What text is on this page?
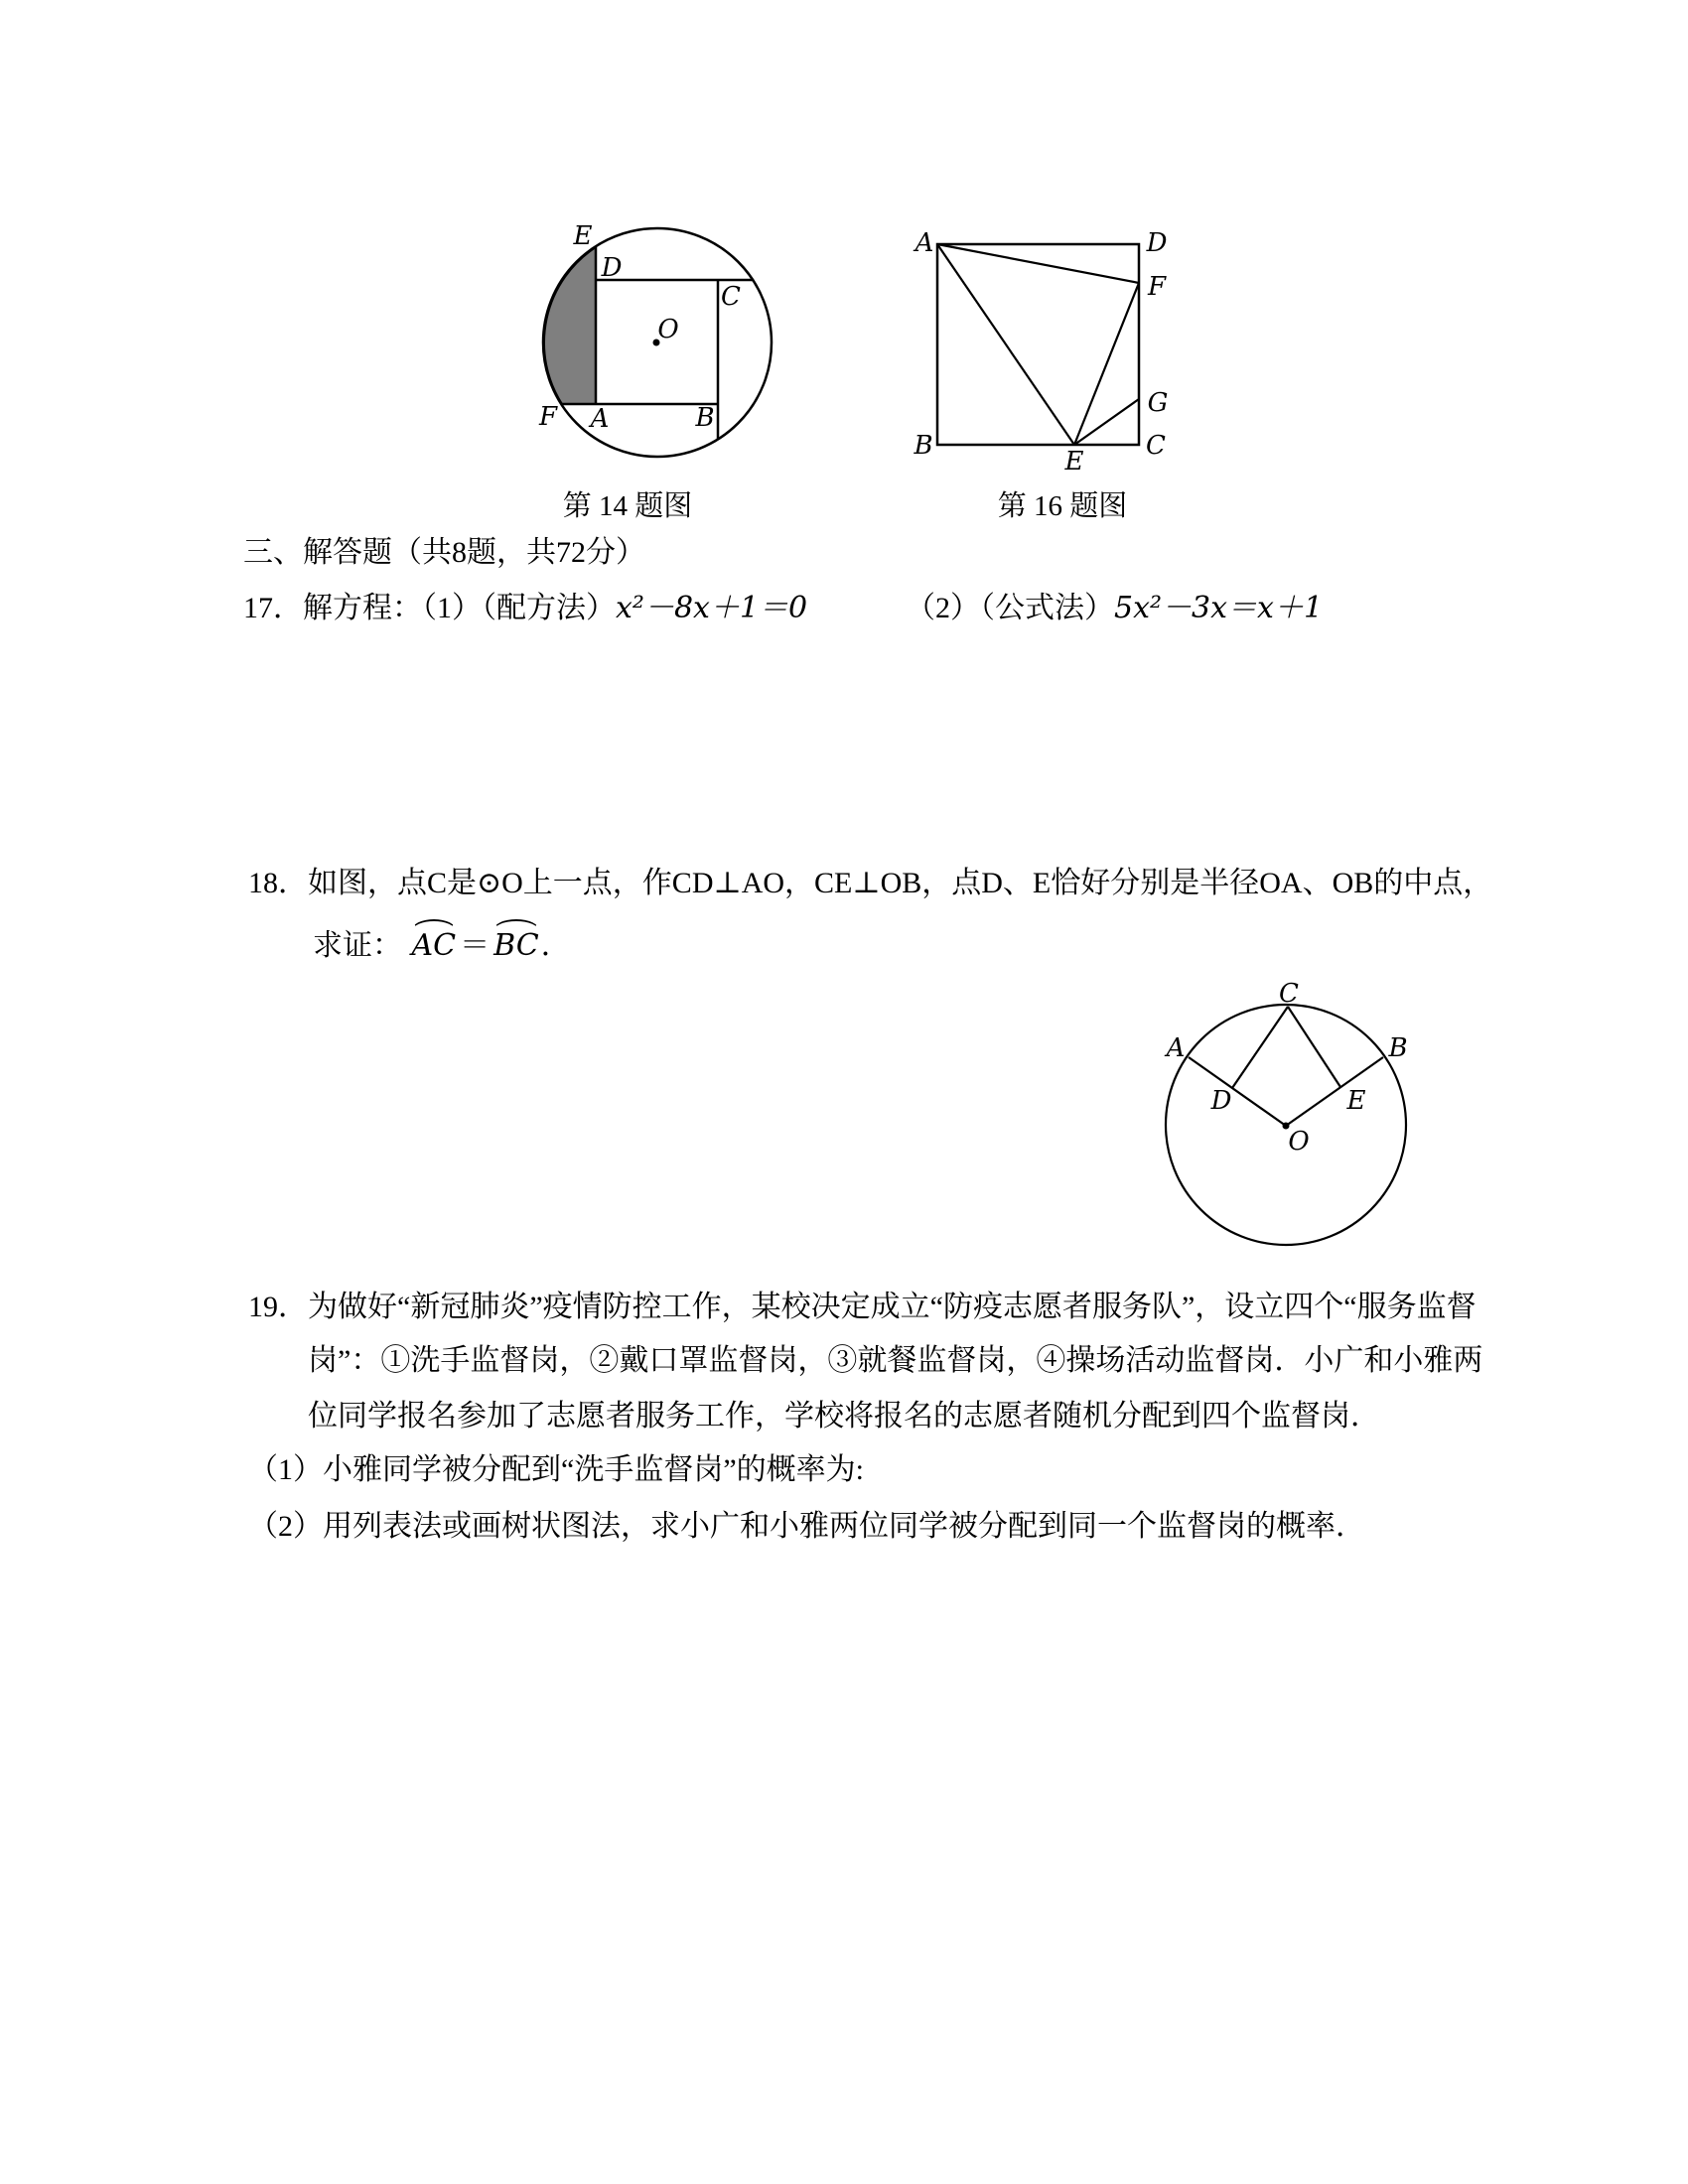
E
D
C
O
F A	B
第 14 题图
A	D
B	C
F
G
E
第 16 题图
三、解答题（共8题，共72分）
17．解方程：（1）（配方法）x²－8x＋1＝0	（2）（公式法）5x²－3x＝x＋1
18．如图，点C是⊙O上一点，作CD⊥AO，CE⊥OB，点D、E恰好分别是半径OA、OB的中点，
求证： AC ＝ BC．
A	B
C
D	E
O
19．为做好“新冠肺炎”疫情防控工作，某校决定成立“防疫志愿者服务队”，设立四个“服务监督
岗”：①洗手监督岗，②戴口罩监督岗，③就餐监督岗，④操场活动监督岗．小广和小雅两
位同学报名参加了志愿者服务工作，学校将报名的志愿者随机分配到四个监督岗．
（1）小雅同学被分配到“洗手监督岗”的概率为:
（2）用列表法或画树状图法，求小广和小雅两位同学被分配到同一个监督岗的概率．
